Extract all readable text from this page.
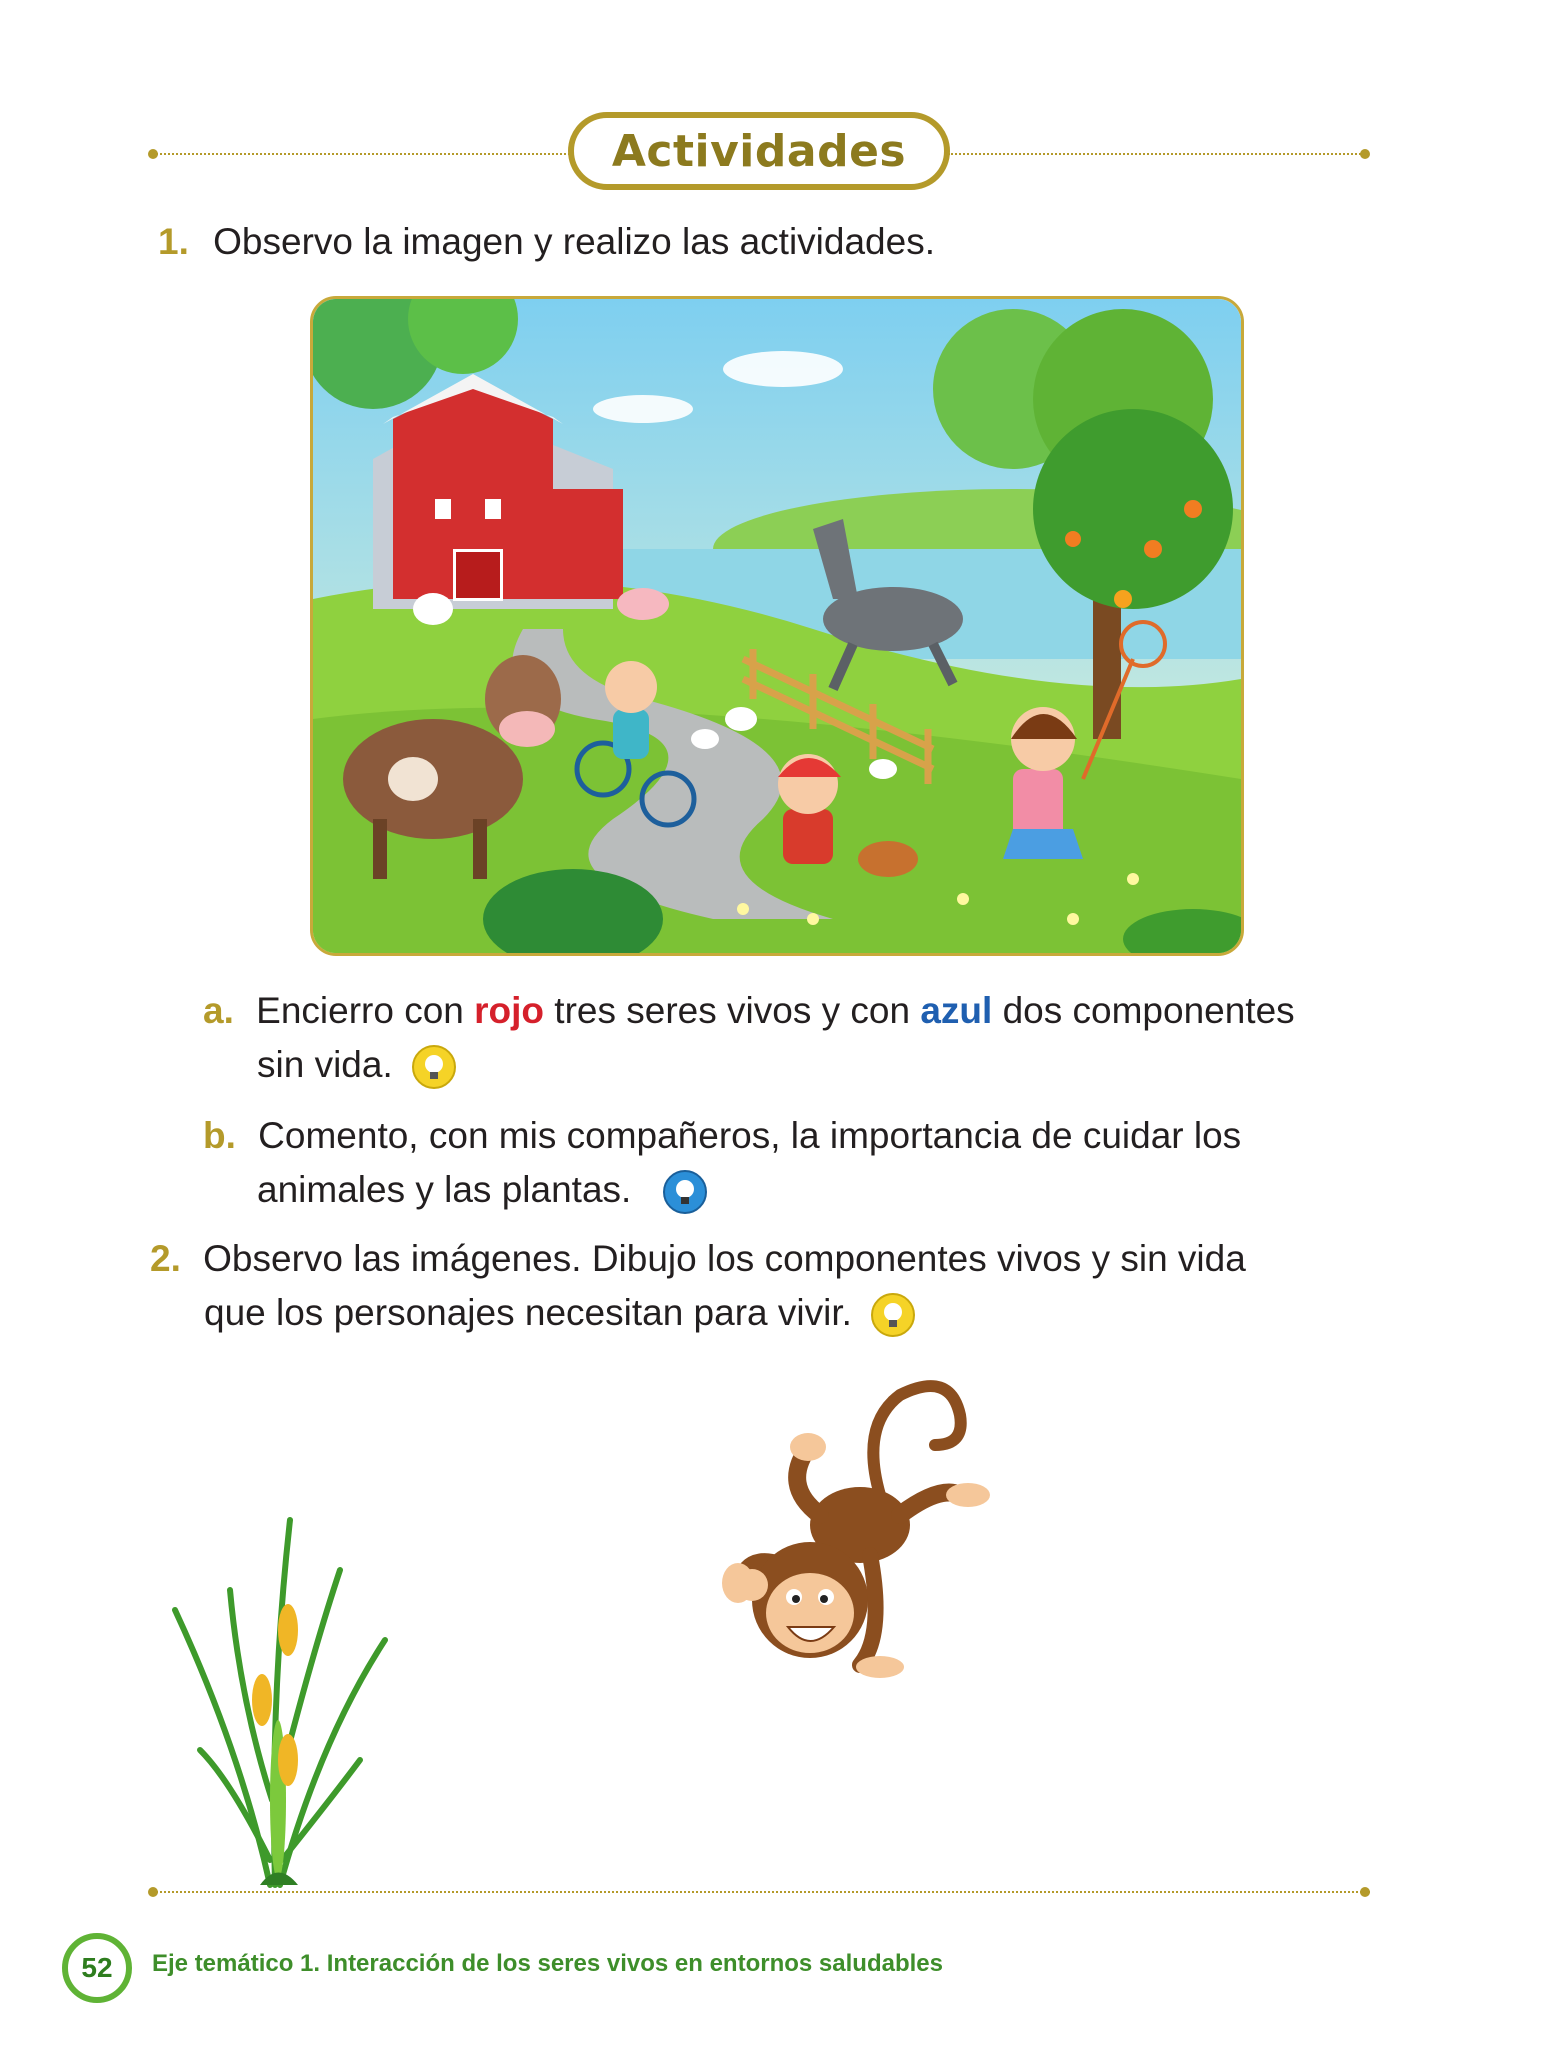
Actividades
1. Observo la imagen y realizo las actividades.
a. Encierro con rojo tres seres vivos y con azul dos componentes
sin vida.
b. Comento, con mis compañeros, la importancia de cuidar los
animales y las plantas.
2. Observo las imágenes. Dibujo los componentes vivos y sin vida
que los personajes necesitan para vivir.
52 Eje temático 1. Interacción de los seres vivos en entornos saludables
